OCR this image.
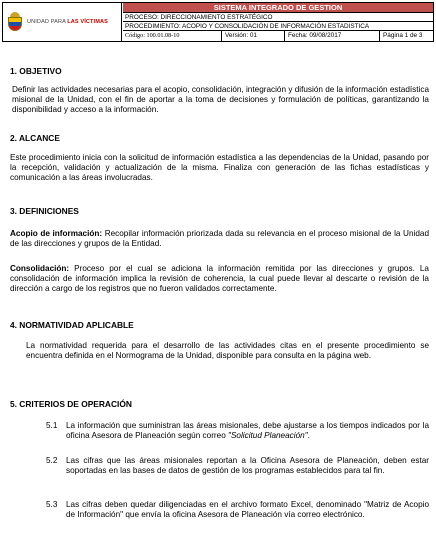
UNIDAD PARA LAS VÍCTIMAS
SISTEMA INTEGRADO DE GESTION
PROCESO: DIRECCIONAMIENTO ESTRATÉGICO
PROCEDIMIENTO: ACOPIO Y CONSOLIDACIÓN DE INFORMACIÓN ESTADISTICA
Código: 100.01.08-10	Versión: 01	Fecha: 09/08/2017	Página 1 de 3
1. OBJETIVO
Definir las actividades necesarias para el acopio, consolidación, integración y difusión de la información estadística misional de la Unidad, con el fin de aportar a la toma de decisiones y formulación de políticas, garantizando la disponibilidad y acceso a la información.
2. ALCANCE
Este procedimiento inicia con la solicitud de información estadística a las dependencias de la Unidad, pasando por la recepción, validación y actualización de la misma. Finaliza con generación de las fichas estadísticas y comunicación a las áreas involucradas.
3. DEFINICIONES
Acopio de información: Recopilar información priorizada dada su relevancia en el proceso misional de la Unidad de las direcciones y grupos de la Entidad.
Consolidación: Proceso por el cual se adiciona la información remitida por las direcciones y grupos. La consolidación de información implica la revisión de coherencia, la cual puede llevar al descarte o revisión de la dirección a cargo de los registros que no fueron validados correctamente.
4. NORMATIVIDAD APLICABLE
La normatividad requerida para el desarrollo de las actividades citas en el presente procedimiento se encuentra definida en el Normograma de la Unidad, disponible para consulta en la página web.
5. CRITERIOS DE OPERACIÓN
5.1 La información que suministran las áreas misionales, debe ajustarse a los tiempos indicados por la oficina Asesora de Planeación según correo "Solicitud Planeación".
5.2 Las cifras que las áreas misionales reportan a la Oficina Asesora de Planeación, deben estar soportadas en las bases de datos de gestión de los programas establecidos para tal fin.
5.3 Las cifras deben quedar diligenciadas en el archivo formato Excel, denominado "Matriz de Acopio de Información" que envía la oficina Asesora de Planeación vía correo electrónico.
